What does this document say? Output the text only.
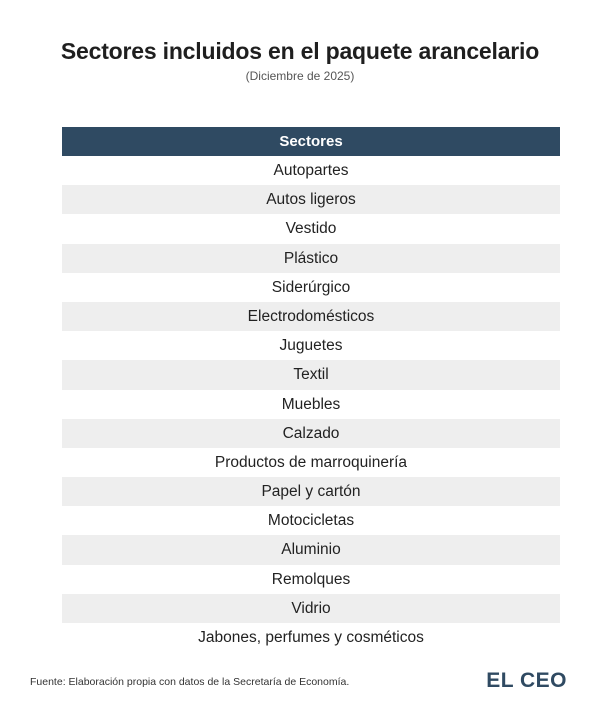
Sectores incluidos en el paquete arancelario
(Diciembre de 2025)
Sectores
Autopartes
Autos ligeros
Vestido
Plástico
Siderúrgico
Electrodomésticos
Juguetes
Textil
Muebles
Calzado
Productos de marroquinería
Papel y cartón
Motocicletas
Aluminio
Remolques
Vidrio
Jabones, perfumes y cosméticos
Fuente: Elaboración propia con datos de la Secretaría de Economía.	EL CEO
